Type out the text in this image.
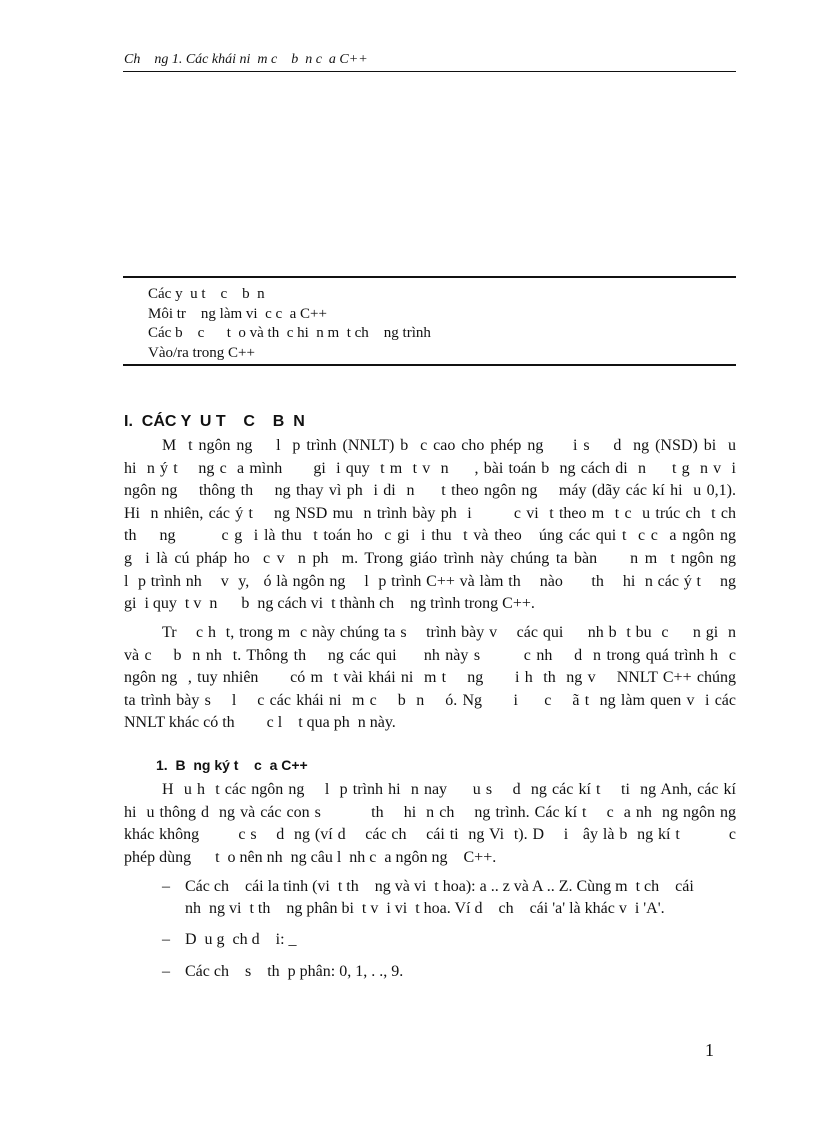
Ch    ng 1. Các khái ni  m c    b  n c  a C++
Các y  u t    c    b  n
Môi tr    ng làm vi  c c  a C++
Các b    c      t  o và th  c hi  n m  t ch    ng trình
Vào/ra trong C++
I.  CÁC Y  U T    C    B  N
M  t ngôn ng    l  p trình (NNLT) b  c cao cho phép ng     i s    d  ng (NSD) bi  u
hi  n ý t    ng c  a mình      gi  i quy  t m  t v  n     , bài toán b  ng cách di  n     t g  n v  i
ngôn ng    thông th    ng thay vì ph  i di  n     t theo ngôn ng    máy (dãy các kí hi  u 0,1).
Hi  n nhiên, các ý t    ng NSD mu  n trình bày ph  i        c vi  t theo m  t c  u trúc ch  t ch
th    ng        c g  i là thu  t toán ho  c gi  i thu  t và theo   úng các qui t  c c  a ngôn ng
g  i là cú pháp ho  c v  n ph  m. Trong giáo trình này chúng ta bàn     n m  t ngôn ng
l  p trình nh    v  y,   ó là ngôn ng    l  p trình C++ và làm th    nào      th    hi  n các ý t    ng
gi  i quy  t v  n      b  ng cách vi  t thành ch    ng trình trong C++.
Tr    c h  t, trong m  c này chúng ta s    trình bày v    các qui     nh b  t bu  c     n gi  n
và c    b  n nh  t. Thông th    ng các qui     nh này s        c nh    d  n trong quá trình h  c
ngôn ng  , tuy nhiên      có m  t vài khái ni  m t    ng      i h  th  ng v    NNLT C++ chúng
ta trình bày s    l    c các khái ni  m c    b  n    ó. Ng      i     c    ã t  ng làm quen v  i các
NNLT khác có th        c l    t qua ph  n này.
1.  B  ng ký t    c  a C++
H  u h  t các ngôn ng    l  p trình hi  n nay     u s    d  ng các kí t    ti  ng Anh, các kí
hi  u thông d  ng và các con s          th    hi  n ch    ng trình. Các kí t    c  a nh  ng ngôn ng
khác không        c s    d  ng (ví d    các ch    cái ti  ng Vi  t). D    i   ây là b  ng kí t          c
phép dùng      t  o nên nh  ng câu l  nh c  a ngôn ng    C++.
– Các ch    cái la tinh (vi  t th    ng và vi  t hoa): a .. z và A .. Z. Cùng m  t ch    cái
nh  ng vi  t th    ng phân bi  t v  i vi  t hoa. Ví d    ch    cái 'a' là khác v  i 'A'.
– D  u g  ch d    i: _
– Các ch    s    th  p phân: 0, 1, . ., 9.
1
